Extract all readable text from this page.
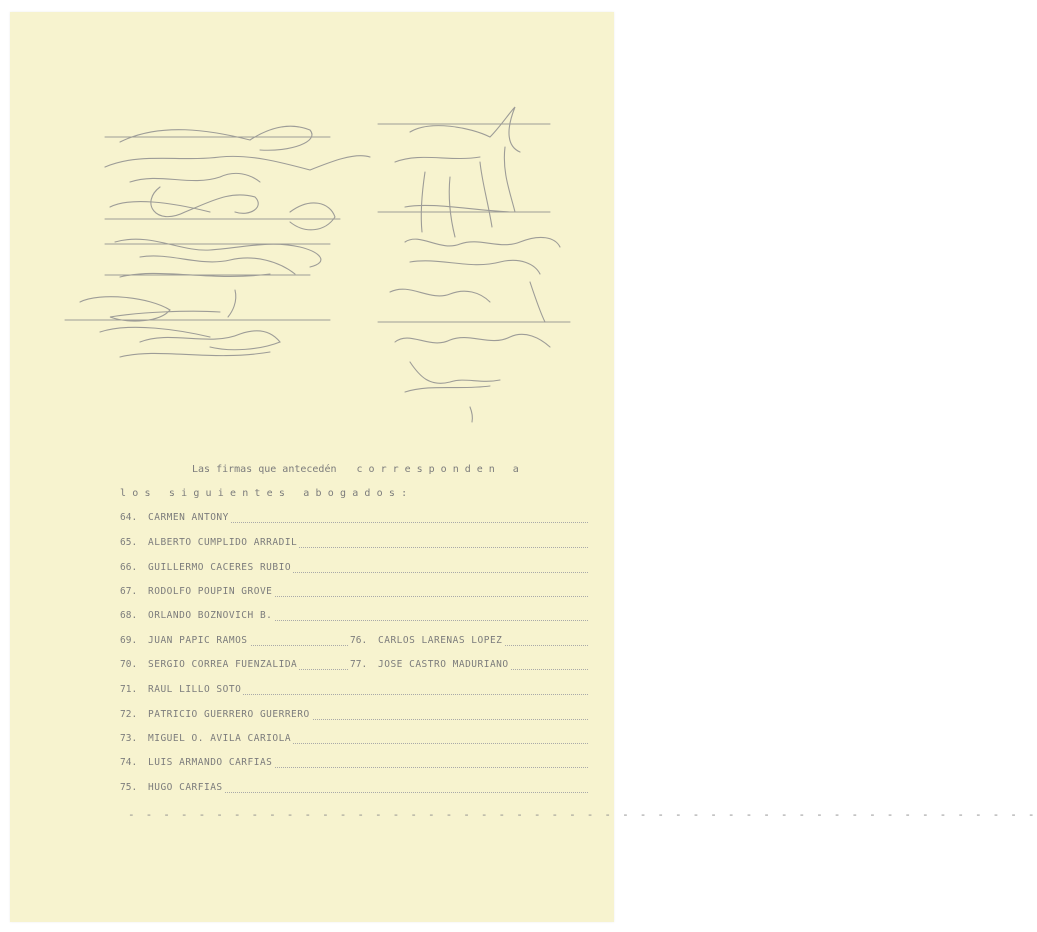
Las firmas que antecedén corresponden a
los siguientes abogados:
64.	CARMEN ANTONY
65.	ALBERTO CUMPLIDO ARRADIL
66.	GUILLERMO CACERES RUBIO
67.	RODOLFO POUPIN GROVE
68.	ORLANDO BOZNOVICH B.
69.	JUAN PAPIC RAMOS
70.	SERGIO CORREA FUENZALIDA
71.	RAUL LILLO SOTO
72.	PATRICIO GUERRERO GUERRERO
73.	MIGUEL O. AVILA CARIOLA
74.	LUIS ARMANDO CARFIAS
75.	HUGO CARFIAS
76.	CARLOS LARENAS LOPEZ
77.	JOSE CASTRO MADURIANO
- - - - - - - - - - - - - - - - - - - - - - - - - - - - - - - - - - - - - - - - - - - - - - - - - - - -
